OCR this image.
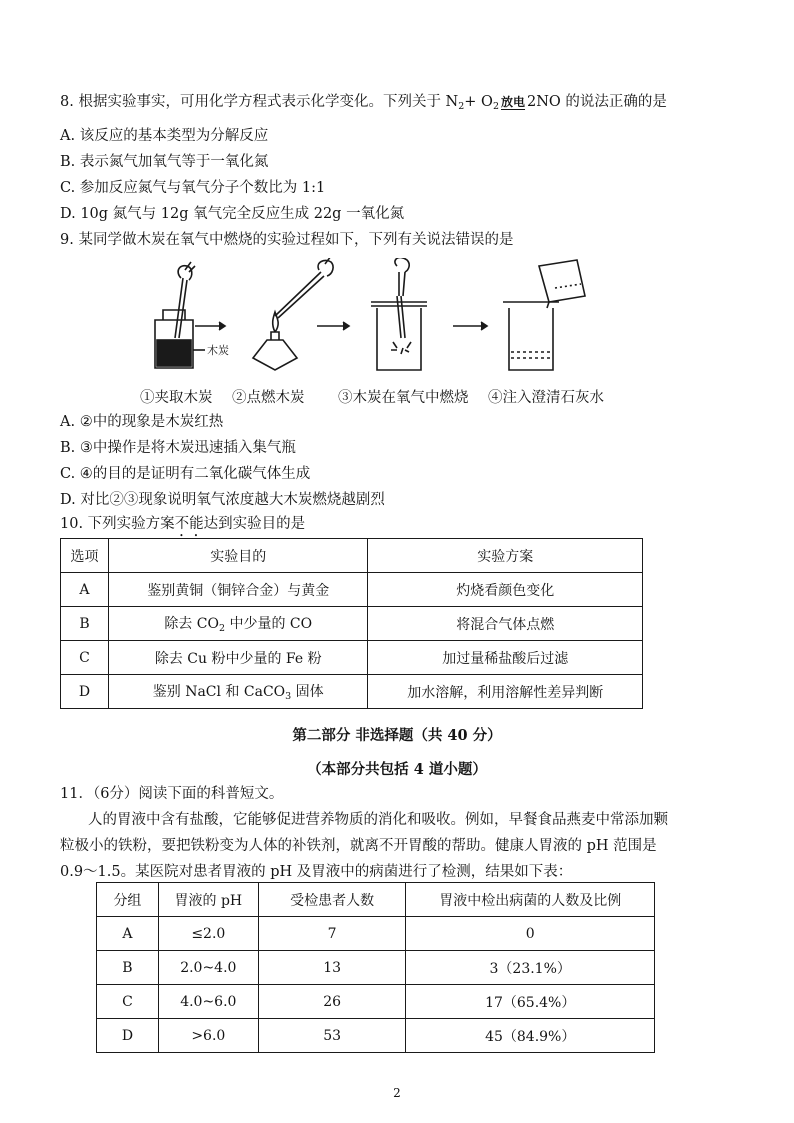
8. 根据实验事实，可用化学方程式表示化学变化。下列关于 $N_2+ O_2$ 放电 2NO 的说法正确的是
A. 该反应的基本类型为分解反应
B. 表示氮气加氧气等于一氧化氮
C. 参加反应氮气与氧气分子个数比为 1:1
D. 10g 氮气与 12g 氧气完全反应生成 22g 一氧化氮
9. 某同学做木炭在氧气中燃烧的实验过程如下，下列有关说法错误的是
木炭
①夹取木炭 ②点燃木炭 ③木炭在氧气中燃烧 ④注入澄清石灰水
A. ②中的现象是木炭红热
B. ③中操作是将木炭迅速插入集气瓶
C. ④的目的是证明有二氧化碳气体生成
D. 对比②③现象说明氧气浓度越大木炭燃烧越剧烈
10. 下列实验方案不能达到实验目的是
选项	实验目的	实验方案
A	鉴别黄铜（铜锌合金）与黄金	灼烧看颜色变化
B	除去 $CO_2$ 中少量的 CO	将混合气体点燃
C	除去 Cu 粉中少量的 Fe 粉	加过量稀盐酸后过滤
D	鉴别 NaCl 和 CaCO$_3$ 固体	加水溶解，利用溶解性差异判断
第二部分 非选择题（共 40 分）
（本部分共包括 4 道小题）
11．（6分）阅读下面的科普短文。
人的胃液中含有盐酸，它能够促进营养物质的消化和吸收。例如，早餐食品燕麦中常添加颗
粒极小的铁粉，要把铁粉变为人体的补铁剂，就离不开胃酸的帮助。健康人胃液的 pH 范围是
0.9～1.5。某医院对患者胃液的 pH 及胃液中的病菌进行了检测，结果如下表：
分组	胃液的 pH	受检患者人数	胃液中检出病菌的人数及比例
A	≤2.0	7	0
B	2.0~4.0	13	3（23.1%）
C	4.0~6.0	26	17（65.4%）
D	>6.0	53	45（84.9%）
2
